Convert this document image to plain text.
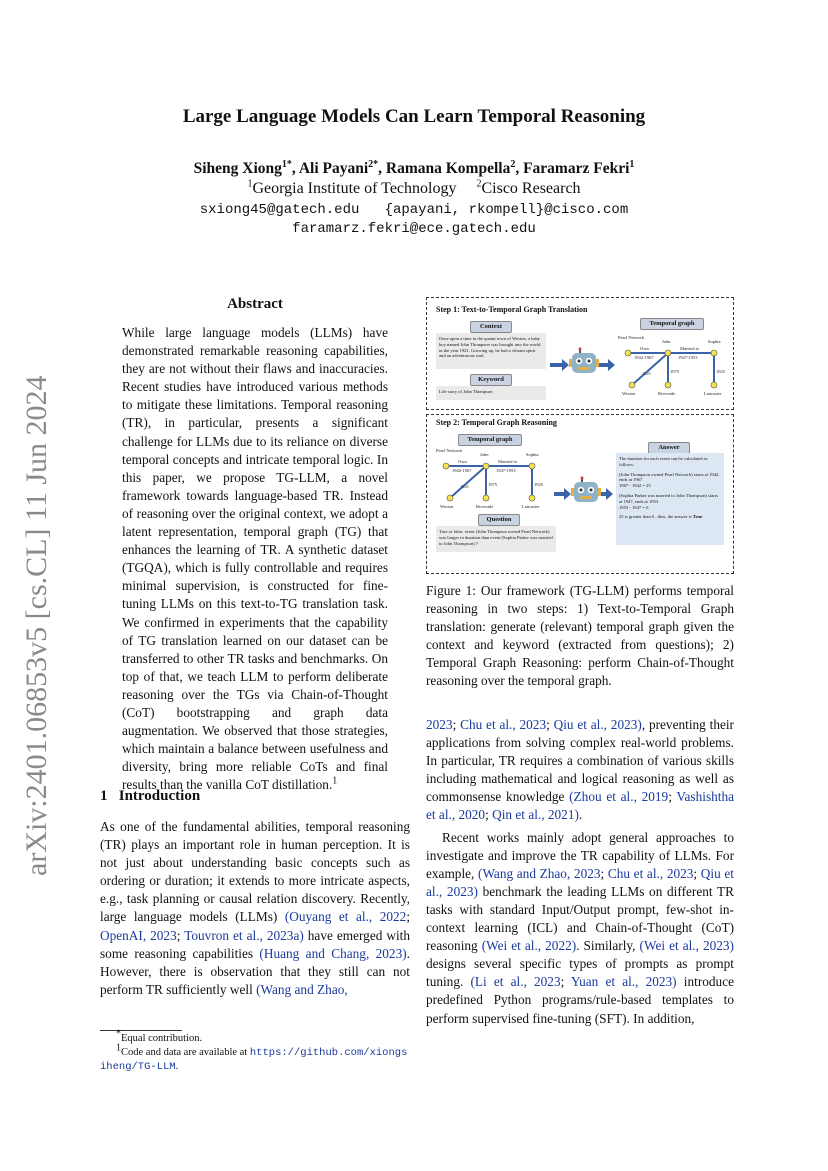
arXiv:2401.06853v5 [cs.CL] 11 Jun 2024
Large Language Models Can Learn Temporal Reasoning
Siheng Xiong$^{1*}$, Ali Payani$^{2*}$, Ramana Kompella$^2$, Faramarz Fekri$^1$
$^1$Georgia Institute of Technology $^2$Cisco Research
sxiong45@gatech.edu   {apayani, rkompell}@cisco.com
faramarz.fekri@ece.gatech.edu
Abstract

While large language models (LLMs) have demonstrated remarkable reasoning capabilities, they are not without their flaws and inaccuracies. Recent studies have introduced various methods to mitigate these limitations. Temporal reasoning (TR), in particular, presents a significant challenge for LLMs due to its reliance on diverse temporal concepts and intricate temporal logic. In this paper, we propose TG-LLM, a novel framework towards language-based TR. Instead of reasoning over the original context, we adopt a latent representation, temporal graph (TG) that enhances the learning of TR. A synthetic dataset (TGQA), which is fully controllable and requires minimal supervision, is constructed for fine-tuning LLMs on this text-to-TG translation task. We confirmed in experiments that the capability of TG translation learned on our dataset can be transferred to other TR tasks and benchmarks. On top of that, we teach LLM to perform deliberate reasoning over the TGs via Chain-of-Thought (CoT) bootstrapping and graph data augmentation. We observed that those strategies, which maintain a balance between usefulness and diversity, bring more reliable CoTs and final results than the vanilla CoT distillation.$^1$

1 Introduction

As one of the fundamental abilities, temporal reasoning (TR) plays an important role in human perception. It is not just about understanding basic concepts such as ordering or duration; it extends to more intricate aspects, e.g., task planning or causal relation discovery. Recently, large language models (LLMs) (Ouyang et al., 2022; OpenAI, 2023; Touvron et al., 2023a) have emerged with some reasoning capabilities (Huang and Chang, 2023). However, there is observation that they still can not perform TR sufficiently well (Wang and Zhao,

*Equal contribution.
$^1$Code and data are available at https://github.com/xiongsiheng/TG-LLM.
Step 1: Text-to-Temporal Graph Translation
Context
Once upon a time in the quaint town of Weston, a baby boy named John Thompson was brought into the world in the year 1921. Growing up, he had a vibrant spirit and an adventurous soul.
Keyword
Life story of John Thompson
Temporal graph
Step 2: Temporal Graph Reasoning
Temporal graph
Question
True or false: event (John Thompson owned Pearl Network) was longer in duration than event (Sophia Parker was married to John Thompson) ?
Answer

The duration for each event can be calculated as follows:

(John Thompson owned Pearl Network) starts at 1942, ends at 1967
1967 - 1942 = 25

(Sophia Parker was married to John Thompson) starts at 1947, ends at 1953
1953 - 1947 = 6

25 is greater than 6 , thus, the answer is True.

Pearl Network
John	Sophia
Weston	Riverside	Lancaster
Own
1942-1967
Married to
1947-1953
1921	1975	1925
Pearl Network
John	Sophia
Weston	Riverside	Lancaster
Own
1942-1967
Married to
1947-1953
1921	1975	1925
Figure 1: Our framework (TG-LLM) performs temporal reasoning in two steps: 1) Text-to-Temporal Graph translation: generate (relevant) temporal graph given the context and keyword (extracted from questions); 2) Temporal Graph Reasoning: perform Chain-of-Thought reasoning over the temporal graph.

2023; Chu et al., 2023; Qiu et al., 2023), preventing their applications from solving complex real-world problems. In particular, TR requires a combination of various skills including mathematical and logical reasoning as well as commonsense knowledge (Zhou et al., 2019; Vashishtha et al., 2020; Qin et al., 2021).

Recent works mainly adopt general approaches to investigate and improve the TR capability of LLMs. For example, (Wang and Zhao, 2023; Chu et al., 2023; Qiu et al., 2023) benchmark the leading LLMs on different TR tasks with standard Input/Output prompt, few-shot in-context learning (ICL) and Chain-of-Thought (CoT) reasoning (Wei et al., 2022). Similarly, (Wei et al., 2023) designs several specific types of prompts as prompt tuning. (Li et al., 2023; Yuan et al., 2023) introduce predefined Python programs/rule-based templates to perform supervised fine-tuning (SFT). In addition,
